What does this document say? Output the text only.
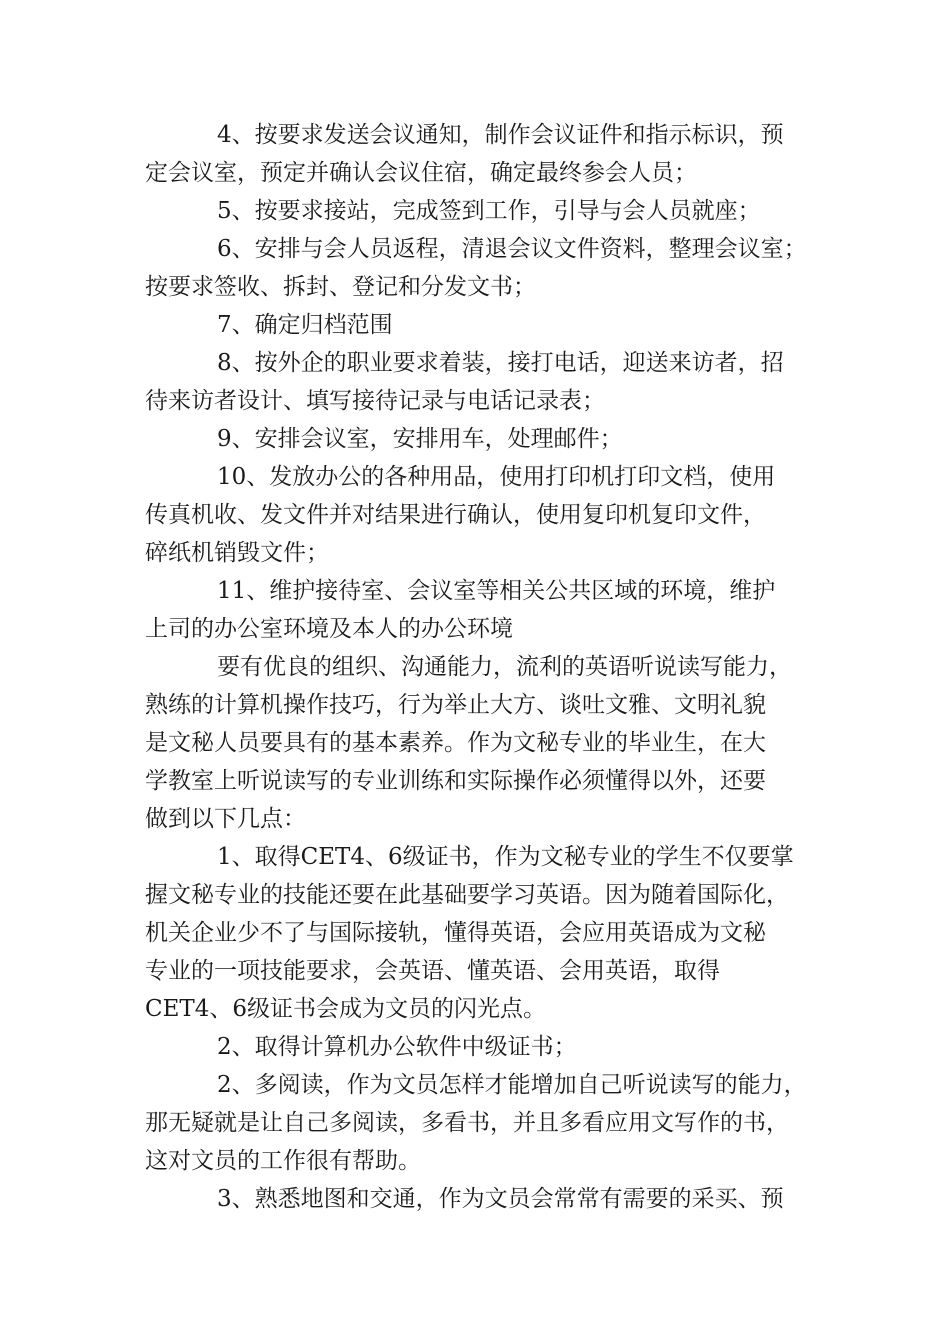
4、按要求发送会议通知，制作会议证件和指示标识，预
定会议室，预定并确认会议住宿，确定最终参会人员；

5、按要求接站，完成签到工作，引导与会人员就座；

6、安排与会人员返程，清退会议文件资料，整理会议室；
按要求签收、拆封、登记和分发文书；

7、确定归档范围

8、按外企的职业要求着装，接打电话，迎送来访者，招
待来访者设计、填写接待记录与电话记录表；

9、安排会议室，安排用车，处理邮件；

10、发放办公的各种用品，使用打印机打印文档，使用
传真机收、发文件并对结果进行确认，使用复印机复印文件，
碎纸机销毁文件；

11、维护接待室、会议室等相关公共区域的环境，维护
上司的办公室环境及本人的办公环境

要有优良的组织、沟通能力，流利的英语听说读写能力，
熟练的计算机操作技巧，行为举止大方、谈吐文雅、文明礼貌
是文秘人员要具有的基本素养。作为文秘专业的毕业生，在大
学教室上听说读写的专业训练和实际操作必须懂得以外，还要
做到以下几点：

1、取得CET4、6级证书，作为文秘专业的学生不仅要掌
握文秘专业的技能还要在此基础要学习英语。因为随着国际化，
机关企业少不了与国际接轨，懂得英语，会应用英语成为文秘
专业的一项技能要求，会英语、懂英语、会用英语，取得
CET4、6级证书会成为文员的闪光点。

2、取得计算机办公软件中级证书；

2、多阅读，作为文员怎样才能增加自己听说读写的能力，
那无疑就是让自己多阅读，多看书，并且多看应用文写作的书，
这对文员的工作很有帮助。

3、熟悉地图和交通，作为文员会常常有需要的采买、预
